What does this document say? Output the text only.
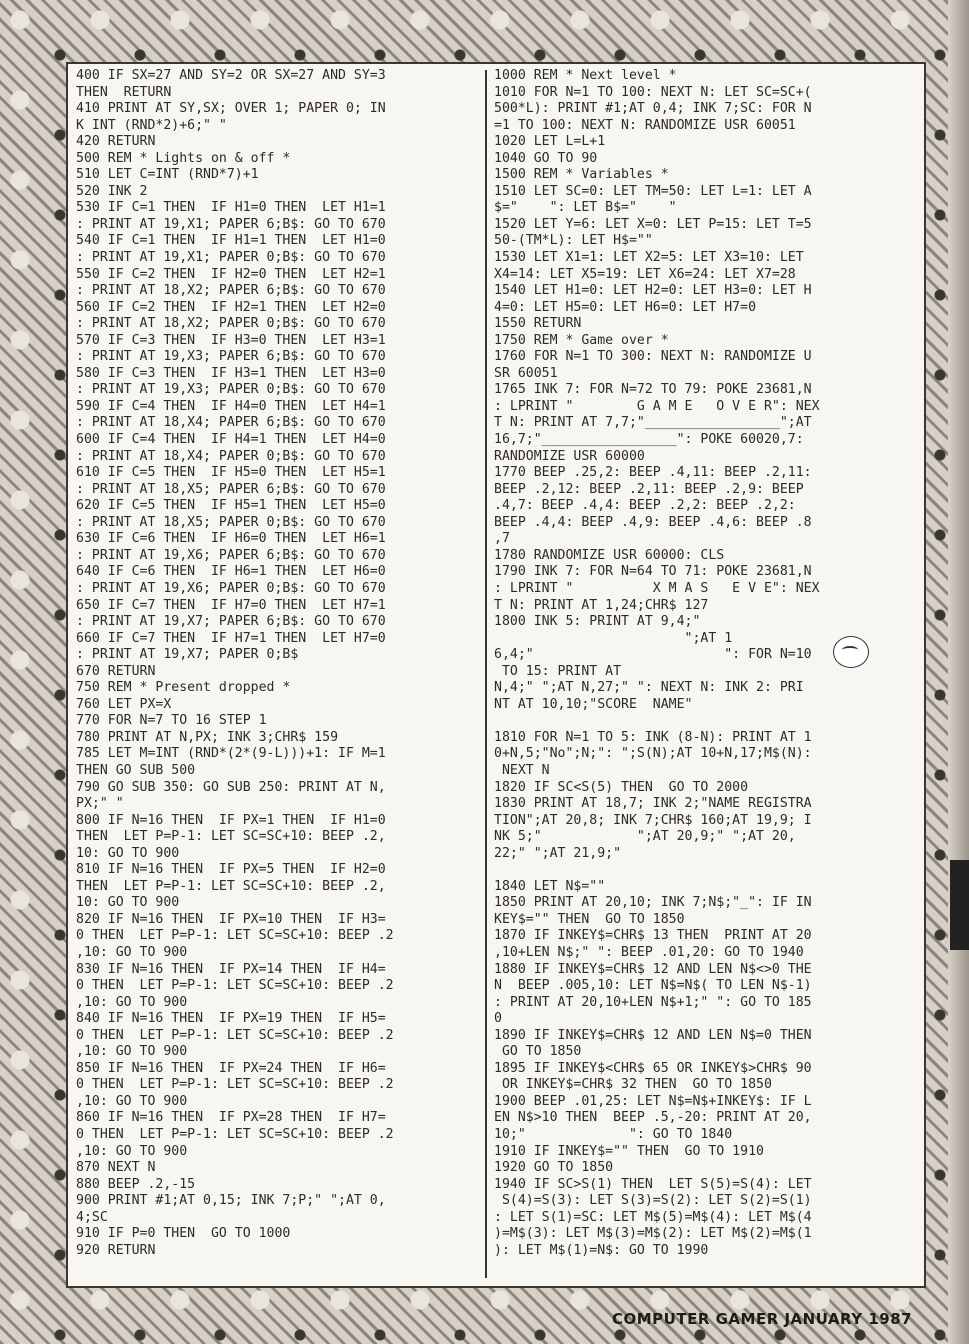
400 IF SX=27 AND SY=2 OR SX=27 AND SY=3
THEN  RETURN
410 PRINT AT SY,SX; OVER 1; PAPER 0; IN
K INT (RND*2)+6;" "
420 RETURN
500 REM * Lights on & off *
510 LET C=INT (RND*7)+1
520 INK 2
530 IF C=1 THEN  IF H1=0 THEN  LET H1=1
: PRINT AT 19,X1; PAPER 6;B$: GO TO 670
540 IF C=1 THEN  IF H1=1 THEN  LET H1=0
: PRINT AT 19,X1; PAPER 0;B$: GO TO 670
550 IF C=2 THEN  IF H2=0 THEN  LET H2=1
: PRINT AT 18,X2; PAPER 6;B$: GO TO 670
560 IF C=2 THEN  IF H2=1 THEN  LET H2=0
: PRINT AT 18,X2; PAPER 0;B$: GO TO 670
570 IF C=3 THEN  IF H3=0 THEN  LET H3=1
: PRINT AT 19,X3; PAPER 6;B$: GO TO 670
580 IF C=3 THEN  IF H3=1 THEN  LET H3=0
: PRINT AT 19,X3; PAPER 0;B$: GO TO 670
590 IF C=4 THEN  IF H4=0 THEN  LET H4=1
: PRINT AT 18,X4; PAPER 6;B$: GO TO 670
600 IF C=4 THEN  IF H4=1 THEN  LET H4=0
: PRINT AT 18,X4; PAPER 0;B$: GO TO 670
610 IF C=5 THEN  IF H5=0 THEN  LET H5=1
: PRINT AT 18,X5; PAPER 6;B$: GO TO 670
620 IF C=5 THEN  IF H5=1 THEN  LET H5=0
: PRINT AT 18,X5; PAPER 0;B$: GO TO 670
630 IF C=6 THEN  IF H6=0 THEN  LET H6=1
: PRINT AT 19,X6; PAPER 6;B$: GO TO 670
640 IF C=6 THEN  IF H6=1 THEN  LET H6=0
: PRINT AT 19,X6; PAPER 0;B$: GO TO 670
650 IF C=7 THEN  IF H7=0 THEN  LET H7=1
: PRINT AT 19,X7; PAPER 6;B$: GO TO 670
660 IF C=7 THEN  IF H7=1 THEN  LET H7=0
: PRINT AT 19,X7; PAPER 0;B$
670 RETURN
750 REM * Present dropped *
760 LET PX=X
770 FOR N=7 TO 16 STEP 1
780 PRINT AT N,PX; INK 3;CHR$ 159
785 LET M=INT (RND*(2*(9-L)))+1: IF M=1
THEN GO SUB 500
790 GO SUB 350: GO SUB 250: PRINT AT N,
PX;" "
800 IF N=16 THEN  IF PX=1 THEN  IF H1=0
THEN  LET P=P-1: LET SC=SC+10: BEEP .2,
10: GO TO 900
810 IF N=16 THEN  IF PX=5 THEN  IF H2=0
THEN  LET P=P-1: LET SC=SC+10: BEEP .2,
10: GO TO 900
820 IF N=16 THEN  IF PX=10 THEN  IF H3=
0 THEN  LET P=P-1: LET SC=SC+10: BEEP .2
,10: GO TO 900
830 IF N=16 THEN  IF PX=14 THEN  IF H4=
0 THEN  LET P=P-1: LET SC=SC+10: BEEP .2
,10: GO TO 900
840 IF N=16 THEN  IF PX=19 THEN  IF H5=
0 THEN  LET P=P-1: LET SC=SC+10: BEEP .2
,10: GO TO 900
850 IF N=16 THEN  IF PX=24 THEN  IF H6=
0 THEN  LET P=P-1: LET SC=SC+10: BEEP .2
,10: GO TO 900
860 IF N=16 THEN  IF PX=28 THEN  IF H7=
0 THEN  LET P=P-1: LET SC=SC+10: BEEP .2
,10: GO TO 900
870 NEXT N
880 BEEP .2,-15
900 PRINT #1;AT 0,15; INK 7;P;" ";AT 0,
4;SC
910 IF P=0 THEN  GO TO 1000
920 RETURN
1000 REM * Next level *
1010 FOR N=1 TO 100: NEXT N: LET SC=SC+(
500*L): PRINT #1;AT 0,4; INK 7;SC: FOR N
=1 TO 100: NEXT N: RANDOMIZE USR 60051
1020 LET L=L+1
1040 GO TO 90
1500 REM * Variables *
1510 LET SC=0: LET TM=50: LET L=1: LET A
$="    ": LET B$="    "
1520 LET Y=6: LET X=0: LET P=15: LET T=5
50-(TM*L): LET H$=""
1530 LET X1=1: LET X2=5: LET X3=10: LET
X4=14: LET X5=19: LET X6=24: LET X7=28
1540 LET H1=0: LET H2=0: LET H3=0: LET H
4=0: LET H5=0: LET H6=0: LET H7=0
1550 RETURN
1750 REM * Game over *
1760 FOR N=1 TO 300: NEXT N: RANDOMIZE U
SR 60051
1765 INK 7: FOR N=72 TO 79: POKE 23681,N
: LPRINT "        G A M E   O V E R": NEX
T N: PRINT AT 7,7;"_________________";AT
16,7;"_________________": POKE 60020,7:
RANDOMIZE USR 60000
1770 BEEP .25,2: BEEP .4,11: BEEP .2,11:
BEEP .2,12: BEEP .2,11: BEEP .2,9: BEEP
.4,7: BEEP .4,4: BEEP .2,2: BEEP .2,2:
BEEP .4,4: BEEP .4,9: BEEP .4,6: BEEP .8
,7
1780 RANDOMIZE USR 60000: CLS
1790 INK 7: FOR N=64 TO 71: POKE 23681,N
: LPRINT "          X M A S   E V E": NEX
T N: PRINT AT 1,24;CHR$ 127
1800 INK 5: PRINT AT 9,4;"
";AT 1
6,4;"                        ": FOR N=10
TO 15: PRINT AT
N,4;" ";AT N,27;" ": NEXT N: INK 2: PRI
NT AT 10,10;"SCORE  NAME"
1810 FOR N=1 TO 5: INK (8-N): PRINT AT 1
0+N,5;"No";N;": ";S(N);AT 10+N,17;M$(N):
NEXT N
1820 IF SC<S(5) THEN  GO TO 2000
1830 PRINT AT 18,7; INK 2;"NAME REGISTRA
TION";AT 20,8; INK 7;CHR$ 160;AT 19,9; I
NK 5;"            ";AT 20,9;" ";AT 20,
22;" ";AT 21,9;"
1840 LET N$=""
1850 PRINT AT 20,10; INK 7;N$;"_": IF IN
KEY$="" THEN  GO TO 1850
1870 IF INKEY$=CHR$ 13 THEN  PRINT AT 20
,10+LEN N$;" ": BEEP .01,20: GO TO 1940
1880 IF INKEY$=CHR$ 12 AND LEN N$<>0 THE
N  BEEP .005,10: LET N$=N$( TO LEN N$-1)
: PRINT AT 20,10+LEN N$+1;" ": GO TO 185
0
1890 IF INKEY$=CHR$ 12 AND LEN N$=0 THEN
GO TO 1850
1895 IF INKEY$<CHR$ 65 OR INKEY$>CHR$ 90
OR INKEY$=CHR$ 32 THEN  GO TO 1850
1900 BEEP .01,25: LET N$=N$+INKEY$: IF L
EN N$>10 THEN  BEEP .5,-20: PRINT AT 20,
10;"             ": GO TO 1840
1910 IF INKEY$="" THEN  GO TO 1910
1920 GO TO 1850
1940 IF SC>S(1) THEN  LET S(5)=S(4): LET
S(4)=S(3): LET S(3)=S(2): LET S(2)=S(1)
: LET S(1)=SC: LET M$(5)=M$(4): LET M$(4
)=M$(3): LET M$(3)=M$(2): LET M$(2)=M$(1
): LET M$(1)=N$: GO TO 1990
COMPUTER GAMER JANUARY 1987
